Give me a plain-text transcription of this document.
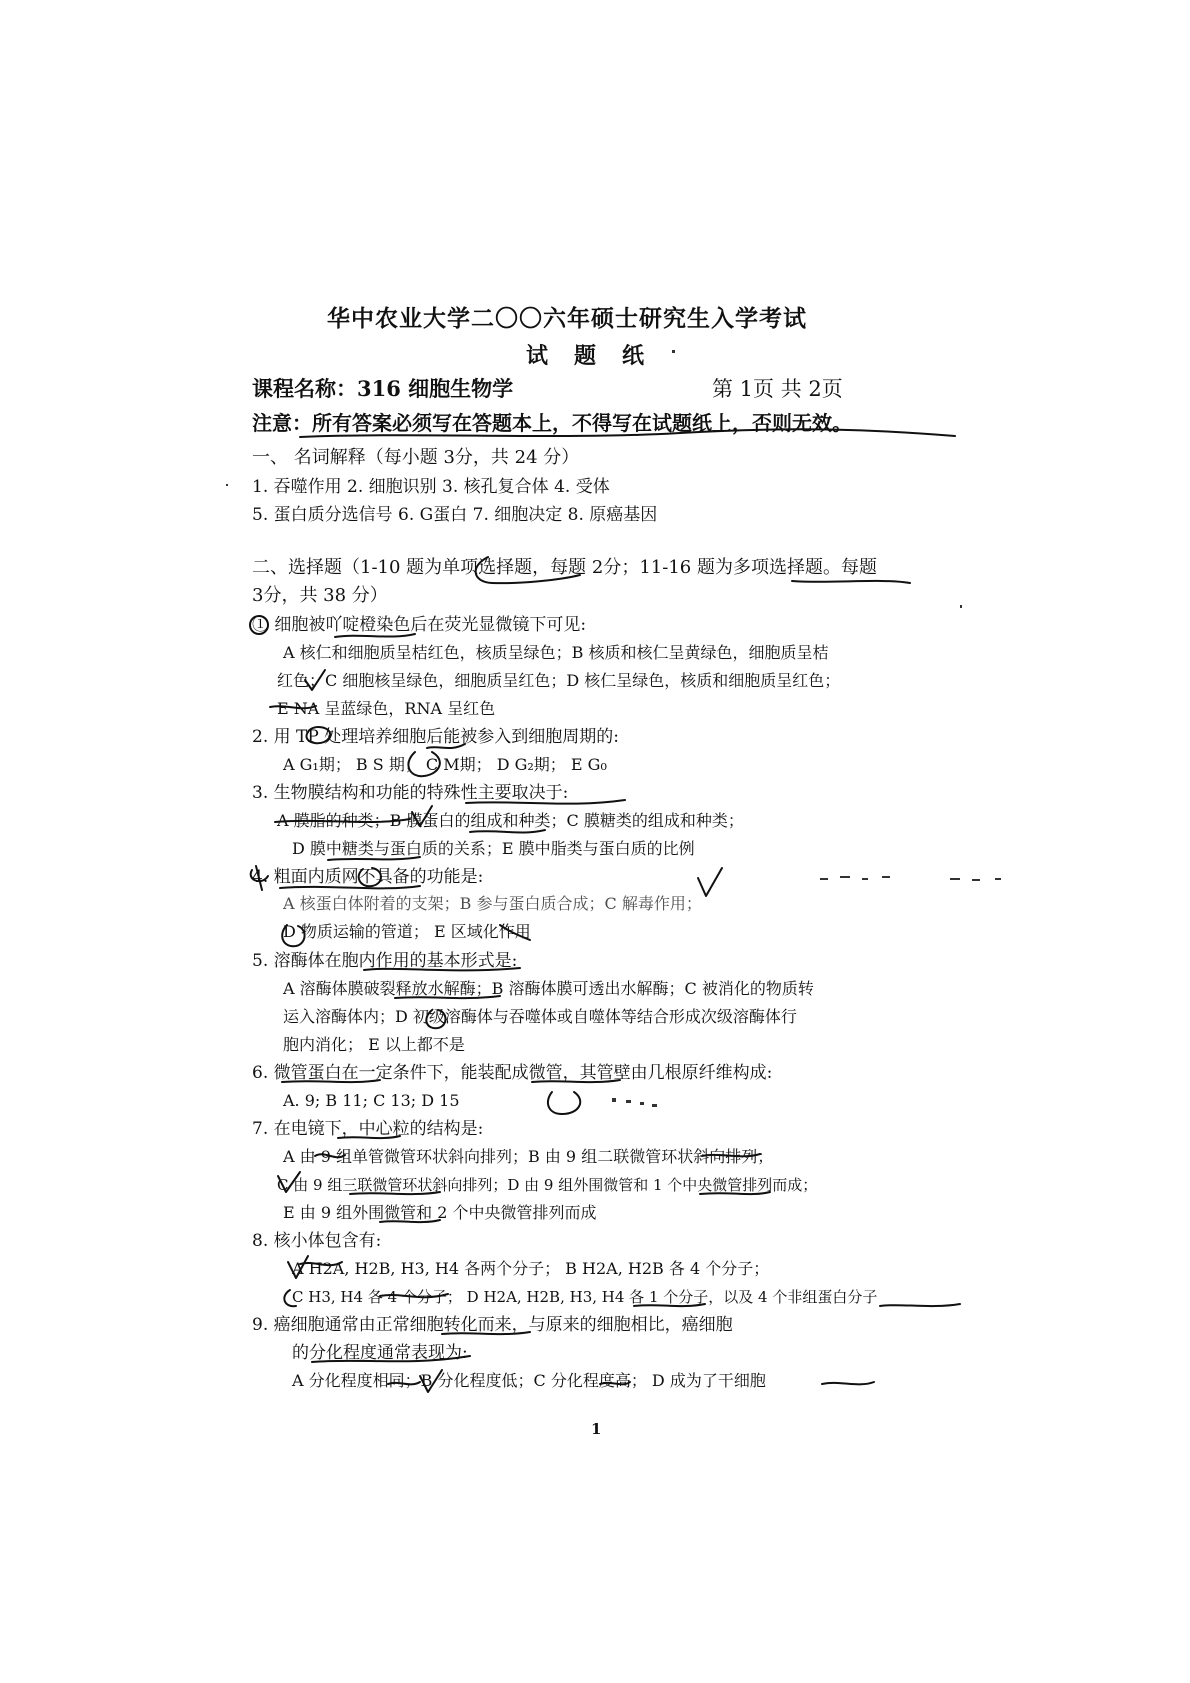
华中农业大学二〇〇六年硕士研究生入学考试
试题纸
课程名称：316 细胞生物学	第 1页 共 2页
注意：所有答案必须写在答题本上，不得写在试题纸上，否则无效。
一、 名词解释（每小题 3分，共 24 分）
1. 吞噬作用 2. 细胞识别 3. 核孔复合体 4. 受体
5. 蛋白质分选信号 6. G蛋白 7. 细胞决定 8. 原癌基因
二、选择题（1-10 题为单项选择题，每题 2分；11-16 题为多项选择题。每题
3分，共 38 分）
① 细胞被吖啶橙染色后在荧光显微镜下可见:
A 核仁和细胞质呈桔红色，核质呈绿色；B 核质和核仁呈黄绿色，细胞质呈桔
红色；C 细胞核呈绿色，细胞质呈红色；D 核仁呈绿色，核质和细胞质呈红色；
E NA 呈蓝绿色，RNA 呈红色
2. 用 TP 处理培养细胞后能被参入到细胞周期的:
A G₁期； B S 期； C M期； D G₂期； E G₀
3. 生物膜结构和功能的特殊性主要取决于:
A 膜脂的种类；B 膜蛋白的组成和种类；C 膜糖类的组成和种类；
D 膜中糖类与蛋白质的关系；E 膜中脂类与蛋白质的比例
4. 粗面内质网不具备的功能是:
A 核蛋白体附着的支架；B 参与蛋白质合成；C 解毒作用；
D 物质运输的管道； E 区域化作用
5. 溶酶体在胞内作用的基本形式是:
A 溶酶体膜破裂释放水解酶；B 溶酶体膜可透出水解酶；C 被消化的物质转
运入溶酶体内；D 初级溶酶体与吞噬体或自噬体等结合形成次级溶酶体行
胞内消化； E 以上都不是
6. 微管蛋白在一定条件下，能装配成微管，其管壁由几根原纤维构成:
A. 9; B 11; C 13; D 15
7. 在电镜下，中心粒的结构是:
A 由 9 组单管微管环状斜向排列；B 由 9 组二联微管环状斜向排列；
C 由 9 组三联微管环状斜向排列；D 由 9 组外围微管和 1 个中央微管排列而成；
E 由 9 组外围微管和 2 个中央微管排列而成
8. 核小体包含有:
A H2A, H2B, H3, H4 各两个分子； B H2A, H2B 各 4 个分子；
C H3, H4 各 4 个分子； D H2A, H2B, H3, H4 各 1 个分子，以及 4 个非组蛋白分子
9. 癌细胞通常由正常细胞转化而来，与原来的细胞相比，癌细胞
的分化程度通常表现为:
A 分化程度相同；B 分化程度低；C 分化程度高； D 成为了干细胞
1
